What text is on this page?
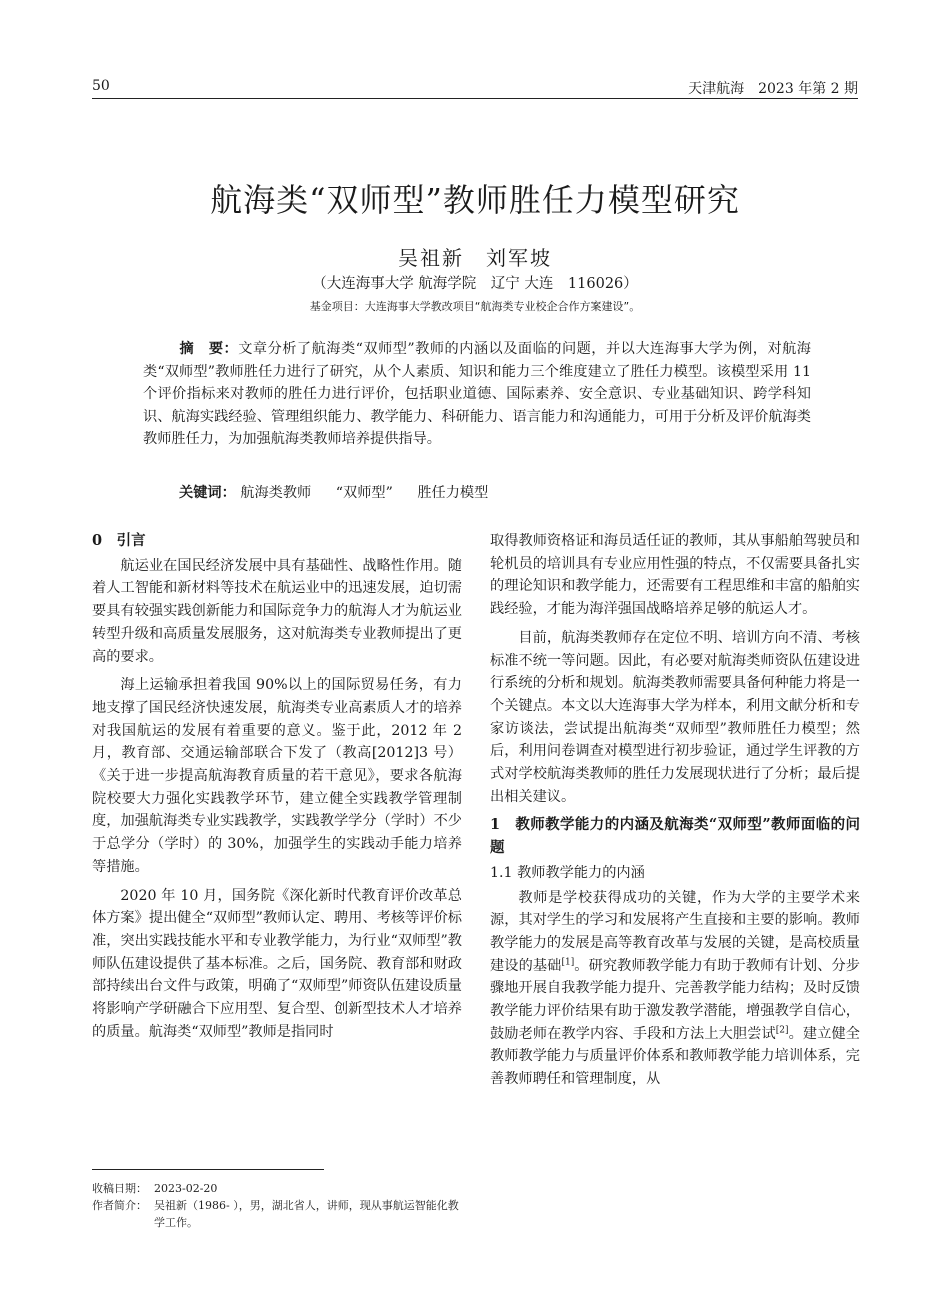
50	天津航海　2023 年第 2 期
航海类“双师型”教师胜任力模型研究
吴祖新　刘军坡
（大连海事大学 航海学院　辽宁 大连　116026）
基金项目：大连海事大学教改项目“航海类专业校企合作方案建设”。
摘　要：文章分析了航海类“双师型”教师的内涵以及面临的问题，并以大连海事大学为例，对航海类“双师型”教师胜任力进行了研究，从个人素质、知识和能力三个维度建立了胜任力模型。该模型采用 11 个评价指标来对教师的胜任力进行评价，包括职业道德、国际素养、安全意识、专业基础知识、跨学科知识、航海实践经验、管理组织能力、教学能力、科研能力、语言能力和沟通能力，可用于分析及评价航海类教师胜任力，为加强航海类教师培养提供指导。
关键词： 航海类教师 “双师型” 胜任力模型
0　引言

航运业在国民经济发展中具有基础性、战略性作用。随着人工智能和新材料等技术在航运业中的迅速发展，迫切需要具有较强实践创新能力和国际竞争力的航海人才为航运业转型升级和高质量发展服务，这对航海类专业教师提出了更高的要求。

海上运输承担着我国 90%以上的国际贸易任务，有力地支撑了国民经济快速发展，航海类专业高素质人才的培养对我国航运的发展有着重要的意义。鉴于此，2012 年 2 月，教育部、交通运输部联合下发了（教高[2012]3 号）《关于进一步提高航海教育质量的若干意见》，要求各航海院校要大力强化实践教学环节，建立健全实践教学管理制度，加强航海类专业实践教学，实践教学学分（学时）不少于总学分（学时）的 30%，加强学生的实践动手能力培养等措施。

2020 年 10 月，国务院《深化新时代教育评价改革总体方案》提出健全“双师型”教师认定、聘用、考核等评价标准，突出实践技能水平和专业教学能力，为行业“双师型”教师队伍建设提供了基本标准。之后，国务院、教育部和财政部持续出台文件与政策，明确了“双师型”师资队伍建设质量将影响产学研融合下应用型、复合型、创新型技术人才培养的质量。航海类“双师型”教师是指同时

取得教师资格证和海员适任证的教师，其从事船舶驾驶员和轮机员的培训具有专业应用性强的特点，不仅需要具备扎实的理论知识和教学能力，还需要有工程思维和丰富的船舶实践经验，才能为海洋强国战略培养足够的航运人才。

目前，航海类教师存在定位不明、培训方向不清、考核标准不统一等问题。因此，有必要对航海类师资队伍建设进行系统的分析和规划。航海类教师需要具备何种能力将是一个关键点。本文以大连海事大学为样本，利用文献分析和专家访谈法，尝试提出航海类“双师型”教师胜任力模型；然后，利用问卷调查对模型进行初步验证，通过学生评教的方式对学校航海类教师的胜任力发展现状进行了分析；最后提出相关建议。

1　教师教学能力的内涵及航海类“双师型”教师面临的问题
1.1 教师教学能力的内涵

教师是学校获得成功的关键，作为大学的主要学术来源，其对学生的学习和发展将产生直接和主要的影响。教师教学能力的发展是高等教育改革与发展的关键，是高校质量建设的基础[1]。研究教师教学能力有助于教师有计划、分步骤地开展自我教学能力提升、完善教学能力结构；及时反馈教学能力评价结果有助于激发教学潜能，增强教学自信心，鼓励老师在教学内容、手段和方法上大胆尝试[2]。建立健全教师教学能力与质量评价体系和教师教学能力培训体系，完善教师聘任和管理制度，从

收稿日期： 2023-02-20
作者简介： 吴祖新（1986- ），男，湖北省人，讲师，现从事航运智能化教学工作。
